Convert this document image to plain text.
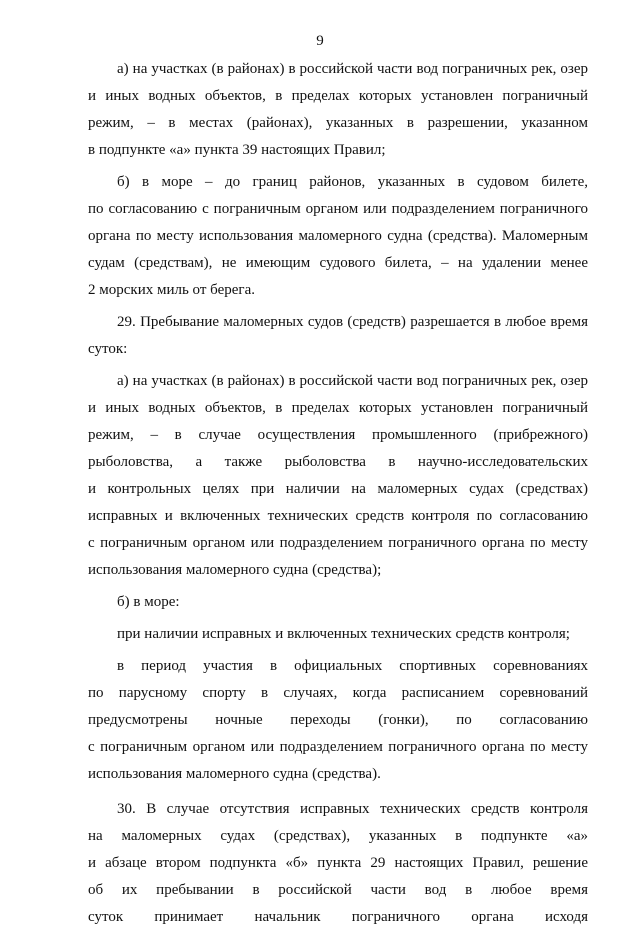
9
а) на участках (в районах) в российской части вод пограничных рек, озер
и иных водных объектов, в пределах которых установлен пограничный
режим, – в местах (районах), указанных в разрешении, указанном
в подпункте «а» пункта 39 настоящих Правил;
б) в море – до границ районов, указанных в судовом билете,
по согласованию с пограничным органом или подразделением пограничного
органа по месту использования маломерного судна (средства). Маломерным
судам (средствам), не имеющим судового билета, – на удалении менее
2 морских миль от берега.
29. Пребывание маломерных судов (средств) разрешается в любое время
суток:
а) на участках (в районах) в российской части вод пограничных рек, озер
и иных водных объектов, в пределах которых установлен пограничный
режим, – в случае осуществления промышленного (прибрежного)
рыболовства, а также рыболовства в научно-исследовательских
и контрольных целях при наличии на маломерных судах (средствах)
исправных и включенных технических средств контроля по согласованию
с пограничным органом или подразделением пограничного органа по месту
использования маломерного судна (средства);
б) в море:
при наличии исправных и включенных технических средств контроля;
в период участия в официальных спортивных соревнованиях
по парусному спорту в случаях, когда расписанием соревнований
предусмотрены ночные переходы (гонки), по согласованию
с пограничным органом или подразделением пограничного органа по месту
использования маломерного судна (средства).
30. В случае отсутствия исправных технических средств контроля
на маломерных судах (средствах), указанных в подпункте «а»
и абзаце втором подпункта «б» пункта 29 настоящих Правил, решение
об их пребывании в российской части вод в любое время
суток принимает начальник пограничного органа исходя
